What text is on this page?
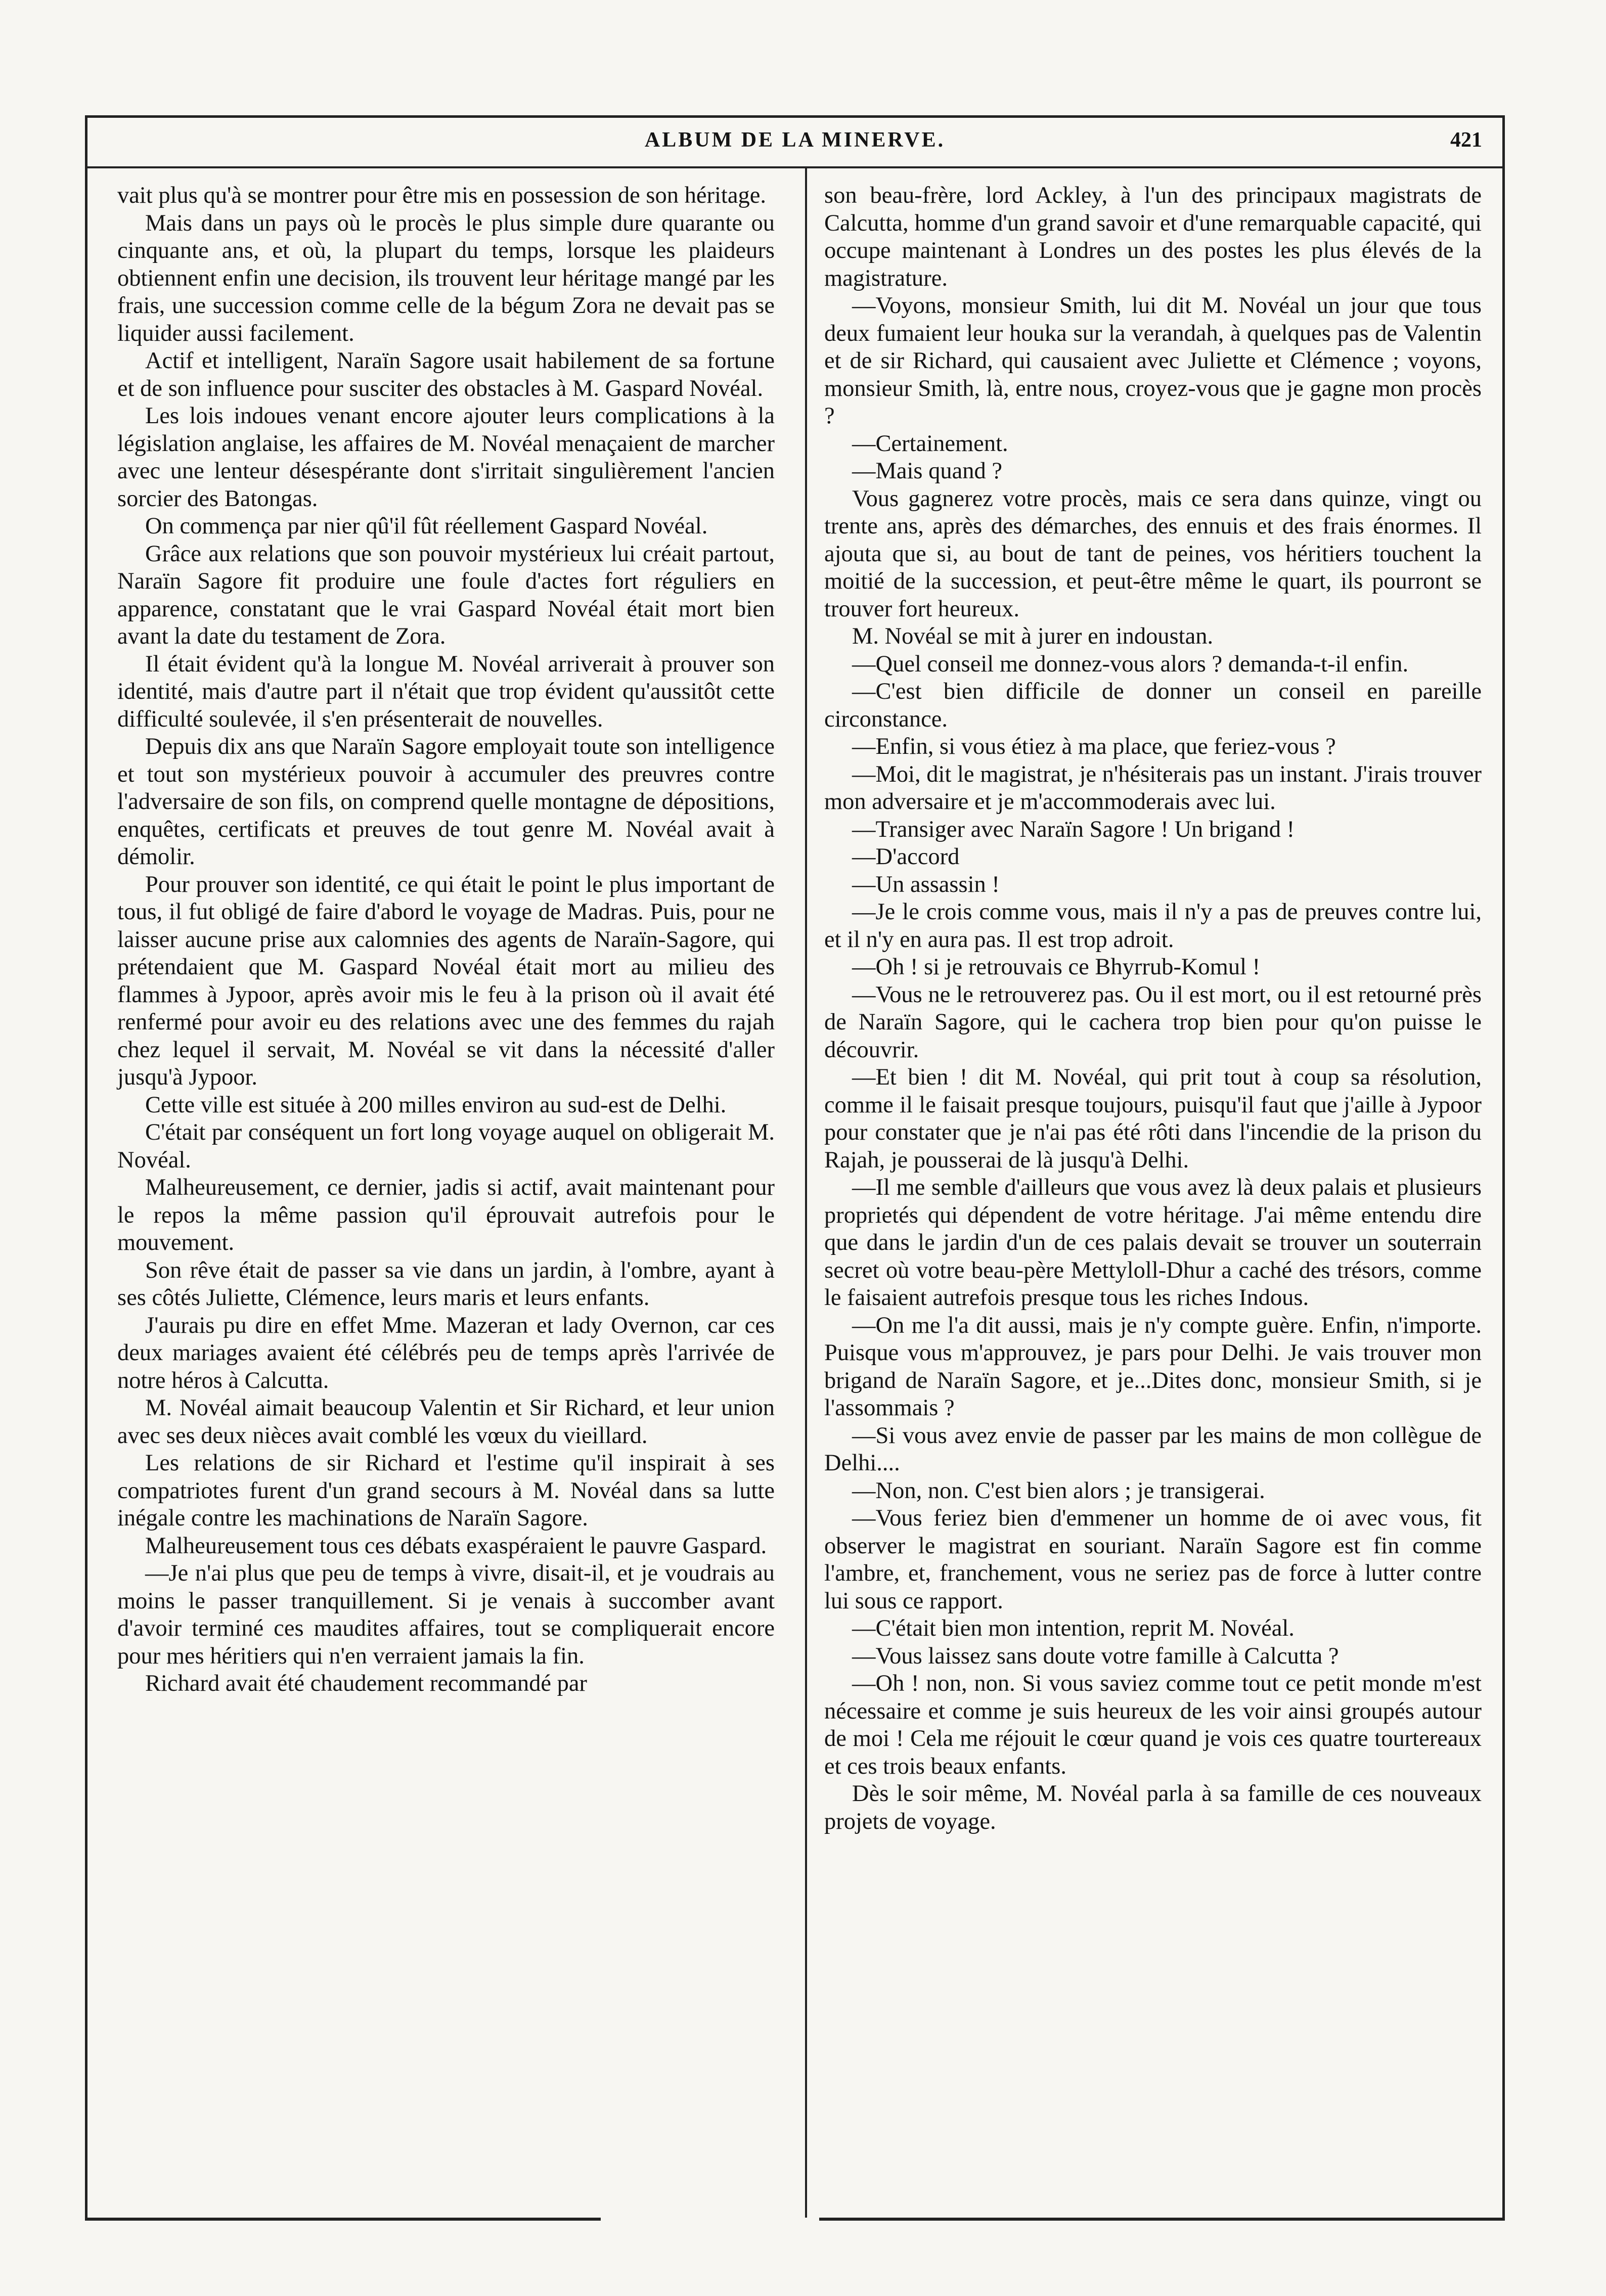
ALBUM DE LA MINERVE.	421

vait plus qu'à se montrer pour être mis en possession de son héritage.

Mais dans un pays où le procès le plus simple dure quarante ou cinquante ans, et où, la plupart du temps, lorsque les plaideurs obtiennent enfin une decision, ils trouvent leur héritage mangé par les frais, une succession comme celle de la bégum Zora ne devait pas se liquider aussi facilement.

Actif et intelligent, Naraïn Sagore usait habilement de sa fortune et de son influence pour susciter des obstacles à M. Gaspard Novéal.

Les lois indoues venant encore ajouter leurs complications à la législation anglaise, les affaires de M. Novéal menaçaient de marcher avec une lenteur désespérante dont s'irritait singulièrement l'ancien sorcier des Batongas.

On commença par nier qû'il fût réellement Gaspard Novéal.

Grâce aux relations que son pouvoir mystérieux lui créait partout, Naraïn Sagore fit produire une foule d'actes fort réguliers en apparence, constatant que le vrai Gaspard Novéal était mort bien avant la date du testament de Zora.

Il était évident qu'à la longue M. Novéal arriverait à prouver son identité, mais d'autre part il n'était que trop évident qu'aussitôt cette difficulté soulevée, il s'en présenterait de nouvelles.

Depuis dix ans que Naraïn Sagore employait toute son intelligence et tout son mystérieux pouvoir à accumuler des preuvres contre l'adversaire de son fils, on comprend quelle montagne de dépositions, enquêtes, certificats et preuves de tout genre M. Novéal avait à démolir.

Pour prouver son identité, ce qui était le point le plus important de tous, il fut obligé de faire d'abord le voyage de Madras. Puis, pour ne laisser aucune prise aux calomnies des agents de Naraïn-Sagore, qui prétendaient que M. Gaspard Novéal était mort au milieu des flammes à Jypoor, après avoir mis le feu à la prison où il avait été renfermé pour avoir eu des relations avec une des femmes du rajah chez lequel il servait, M. Novéal se vit dans la nécessité d'aller jusqu'à Jypoor.

Cette ville est située à 200 milles environ au sud-est de Delhi.

C'était par conséquent un fort long voyage auquel on obligerait M. Novéal.

Malheureusement, ce dernier, jadis si actif, avait maintenant pour le repos la même passion qu'il éprouvait autrefois pour le mouvement.

Son rêve était de passer sa vie dans un jardin, à l'ombre, ayant à ses côtés Juliette, Clémence, leurs maris et leurs enfants.

J'aurais pu dire en effet Mme. Mazeran et lady Overnon, car ces deux mariages avaient été célébrés peu de temps après l'arrivée de notre héros à Calcutta.

M. Novéal aimait beaucoup Valentin et Sir Richard, et leur union avec ses deux nièces avait comblé les vœux du vieillard.

Les relations de sir Richard et l'estime qu'il inspirait à ses compatriotes furent d'un grand secours à M. Novéal dans sa lutte inégale contre les machinations de Naraïn Sagore.

Malheureusement tous ces débats exaspéraient le pauvre Gaspard.

—Je n'ai plus que peu de temps à vivre, disait-il, et je voudrais au moins le passer tranquillement. Si je venais à succomber avant d'avoir terminé ces maudites affaires, tout se compliquerait encore pour mes héritiers qui n'en verraient jamais la fin.

Richard avait été chaudement recommandé par

son beau-frère, lord Ackley, à l'un des principaux magistrats de Calcutta, homme d'un grand savoir et d'une remarquable capacité, qui occupe maintenant à Londres un des postes les plus élevés de la magistrature.

—Voyons, monsieur Smith, lui dit M. Novéal un jour que tous deux fumaient leur houka sur la verandah, à quelques pas de Valentin et de sir Richard, qui causaient avec Juliette et Clémence ; voyons, monsieur Smith, là, entre nous, croyez-vous que je gagne mon procès ?

—Certainement.

—Mais quand ?

Vous gagnerez votre procès, mais ce sera dans quinze, vingt ou trente ans, après des démarches, des ennuis et des frais énormes. Il ajouta que si, au bout de tant de peines, vos héritiers touchent la moitié de la succession, et peut-être même le quart, ils pourront se trouver fort heureux.

M. Novéal se mit à jurer en indoustan.

—Quel conseil me donnez-vous alors ? demanda-t-il enfin.

—C'est bien difficile de donner un conseil en pareille circonstance.

—Enfin, si vous étiez à ma place, que feriez-vous ?

—Moi, dit le magistrat, je n'hésiterais pas un instant. J'irais trouver mon adversaire et je m'accommoderais avec lui.

—Transiger avec Naraïn Sagore ! Un brigand !

—D'accord

—Un assassin !

—Je le crois comme vous, mais il n'y a pas de preuves contre lui, et il n'y en aura pas. Il est trop adroit.

—Oh ! si je retrouvais ce Bhyrrub-Komul !

—Vous ne le retrouverez pas. Ou il est mort, ou il est retourné près de Naraïn Sagore, qui le cachera trop bien pour qu'on puisse le découvrir.

—Et bien ! dit M. Novéal, qui prit tout à coup sa résolution, comme il le faisait presque toujours, puisqu'il faut que j'aille à Jypoor pour constater que je n'ai pas été rôti dans l'incendie de la prison du Rajah, je pousserai de là jusqu'à Delhi.

—Il me semble d'ailleurs que vous avez là deux palais et plusieurs proprietés qui dépendent de votre héritage. J'ai même entendu dire que dans le jardin d'un de ces palais devait se trouver un souterrain secret où votre beau-père Mettyloll-Dhur a caché des trésors, comme le faisaient autrefois presque tous les riches Indous.

—On me l'a dit aussi, mais je n'y compte guère. Enfin, n'importe. Puisque vous m'approuvez, je pars pour Delhi. Je vais trouver mon brigand de Naraïn Sagore, et je...Dites donc, monsieur Smith, si je l'assommais ?

—Si vous avez envie de passer par les mains de mon collègue de Delhi....

—Non, non. C'est bien alors ; je transigerai.

—Vous feriez bien d'emmener un homme de oi avec vous, fit observer le magistrat en souriant. Naraïn Sagore est fin comme l'ambre, et, franchement, vous ne seriez pas de force à lutter contre lui sous ce rapport.

—C'était bien mon intention, reprit M. Novéal.

—Vous laissez sans doute votre famille à Calcutta ?

—Oh ! non, non. Si vous saviez comme tout ce petit monde m'est nécessaire et comme je suis heureux de les voir ainsi groupés autour de moi ! Cela me réjouit le cœur quand je vois ces quatre tourtereaux et ces trois beaux enfants.

Dès le soir même, M. Novéal parla à sa famille de ces nouveaux projets de voyage.
